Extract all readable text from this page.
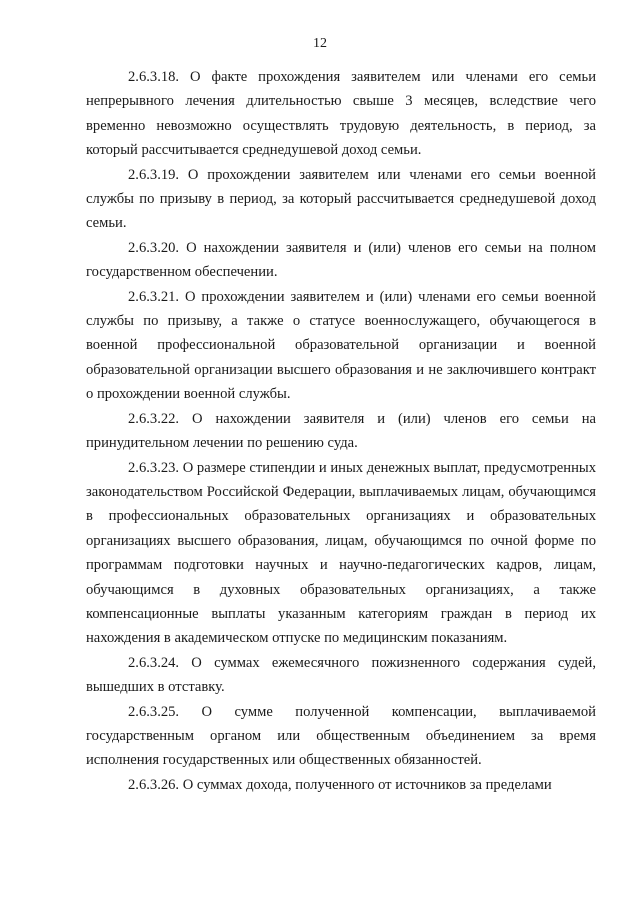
12

2.6.3.18. О факте прохождения заявителем или членами его семьи непрерывного лечения длительностью свыше 3 месяцев, вследствие чего временно невозможно осуществлять трудовую деятельность, в период, за который рассчитывается среднедушевой доход семьи.

2.6.3.19. О прохождении заявителем или членами его семьи военной службы по призыву в период, за который рассчитывается среднедушевой доход семьи.

2.6.3.20. О нахождении заявителя и (или) членов его семьи на полном государственном обеспечении.

2.6.3.21. О прохождении заявителем и (или) членами его семьи военной службы по призыву, а также о статусе военнослужащего, обучающегося в военной профессиональной образовательной организации и военной образовательной организации высшего образования и не заключившего контракт о прохождении военной службы.

2.6.3.22. О нахождении заявителя и (или) членов его семьи на принудительном лечении по решению суда.

2.6.3.23. О размере стипендии и иных денежных выплат, предусмотренных законодательством Российской Федерации, выплачиваемых лицам, обучающимся в профессиональных образовательных организациях и образовательных организациях высшего образования, лицам, обучающимся по очной форме по программам подготовки научных и научно-педагогических кадров, лицам, обучающимся в духовных образовательных организациях, а также компенсационные выплаты указанным категориям граждан в период их нахождения в академическом отпуске по медицинским показаниям.

2.6.3.24. О суммах ежемесячного пожизненного содержания судей, вышедших в отставку.

2.6.3.25. О сумме полученной компенсации, выплачиваемой государственным органом или общественным объединением за время исполнения государственных или общественных обязанностей.

2.6.3.26. О суммах дохода, полученного от источников за пределами
